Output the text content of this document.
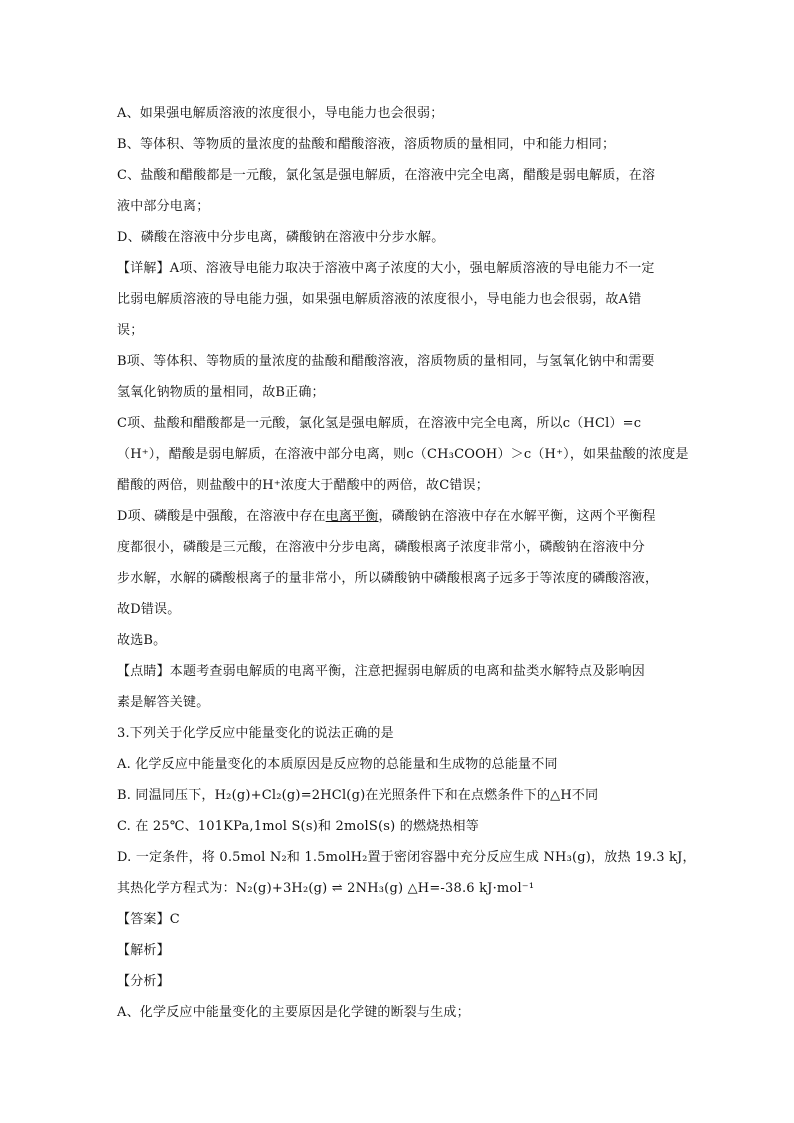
A、如果强电解质溶液的浓度很小，导电能力也会很弱；
B、等体积、等物质的量浓度的盐酸和醋酸溶液，溶质物质的量相同，中和能力相同；
C、盐酸和醋酸都是一元酸，氯化氢是强电解质，在溶液中完全电离，醋酸是弱电解质，在溶
液中部分电离；
D、磷酸在溶液中分步电离，磷酸钠在溶液中分步水解。
【详解】A项、溶液导电能力取决于溶液中离子浓度的大小，强电解质溶液的导电能力不一定
比弱电解质溶液的导电能力强，如果强电解质溶液的浓度很小，导电能力也会很弱，故A错
误；
B项、等体积、等物质的量浓度的盐酸和醋酸溶液，溶质物质的量相同，与氢氧化钠中和需要
氢氧化钠物质的量相同，故B正确；
C项、盐酸和醋酸都是一元酸，氯化氢是强电解质，在溶液中完全电离，所以c（HCl）=c
（H⁺），醋酸是弱电解质，在溶液中部分电离，则c（CH₃COOH）＞c（H⁺），如果盐酸的浓度是
醋酸的两倍，则盐酸中的H⁺浓度大于醋酸中的两倍，故C错误；
D项、磷酸是中强酸，在溶液中存在电离平衡，磷酸钠在溶液中存在水解平衡，这两个平衡程
度都很小，磷酸是三元酸，在溶液中分步电离，磷酸根离子浓度非常小，磷酸钠在溶液中分
步水解，水解的磷酸根离子的量非常小，所以磷酸钠中磷酸根离子远多于等浓度的磷酸溶液，
故D错误。
故选B。
【点睛】本题考查弱电解质的电离平衡，注意把握弱电解质的电离和盐类水解特点及影响因
素是解答关键。
3.下列关于化学反应中能量变化的说法正确的是
A. 化学反应中能量变化的本质原因是反应物的总能量和生成物的总能量不同
B. 同温同压下，H₂(g)+Cl₂(g)=2HCl(g)在光照条件下和在点燃条件下的△H不同
C. 在 25℃、101KPa,1mol S(s)和 2molS(s) 的燃烧热相等
D. 一定条件，将 0.5mol N₂和 1.5molH₂置于密闭容器中充分反应生成 NH₃(g)，放热 19.3 kJ，
其热化学方程式为：N₂(g)+3H₂(g) ⇌ 2NH₃(g) △H=-38.6 kJ·mol⁻¹
【答案】C
【解析】
【分析】
A、化学反应中能量变化的主要原因是化学键的断裂与生成；
